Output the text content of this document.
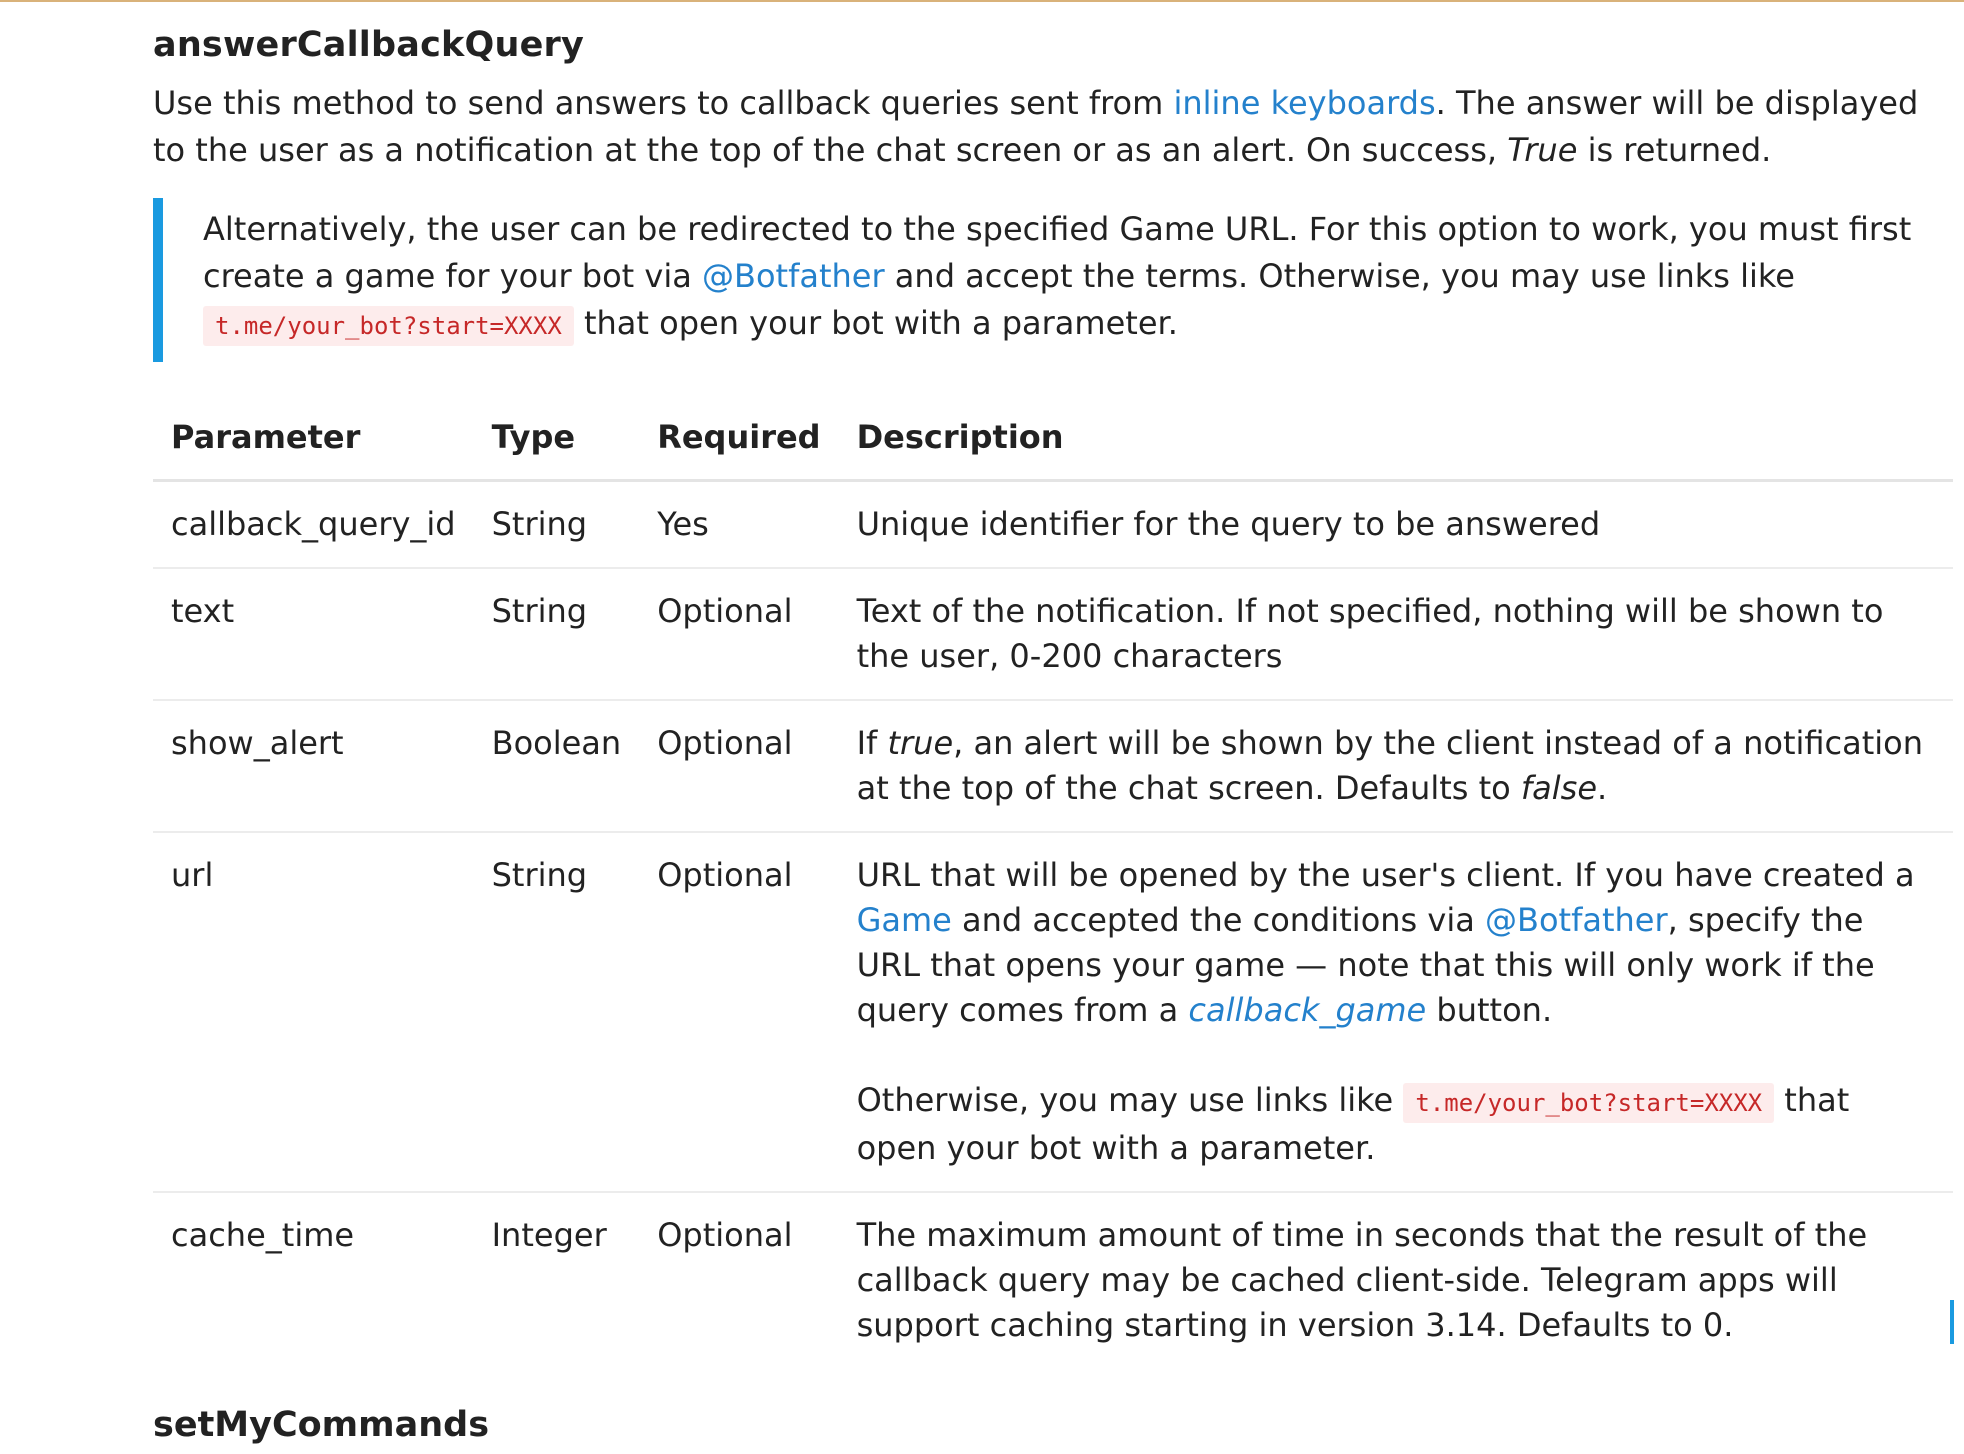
answerCallbackQuery

Use this method to send answers to callback queries sent from inline keyboards. The answer will be displayed to the user as a notification at the top of the chat screen or as an alert. On success, True is returned.

Alternatively, the user can be redirected to the specified Game URL. For this option to work, you must first create a game for your bot via @Botfather and accept the terms. Otherwise, you may use links like
t.me/your_bot?start=XXXX that open your bot with a parameter.
Parameter	Type	Required	Description
callback_query_id	String	Yes	Unique identifier for the query to be answered
text	String	Optional	Text of the notification. If not specified, nothing will be shown to the user, 0-200 characters
show_alert	Boolean	Optional	If true, an alert will be shown by the client instead of a notification at the top of the chat screen. Defaults to false.
url	String	Optional	URL that will be opened by the user's client. If you have created a Game and accepted the conditions via @Botfather, specify the URL that opens your game — note that this will only work if the query comes from a callback_game button.

Otherwise, you may use links like t.me/your_bot?start=XXXX that open your bot with a parameter.

cache_time	Integer	Optional	The maximum amount of time in seconds that the result of the callback query may be cached client-side. Telegram apps will support caching starting in version 3.14. Defaults to 0.
setMyCommands
